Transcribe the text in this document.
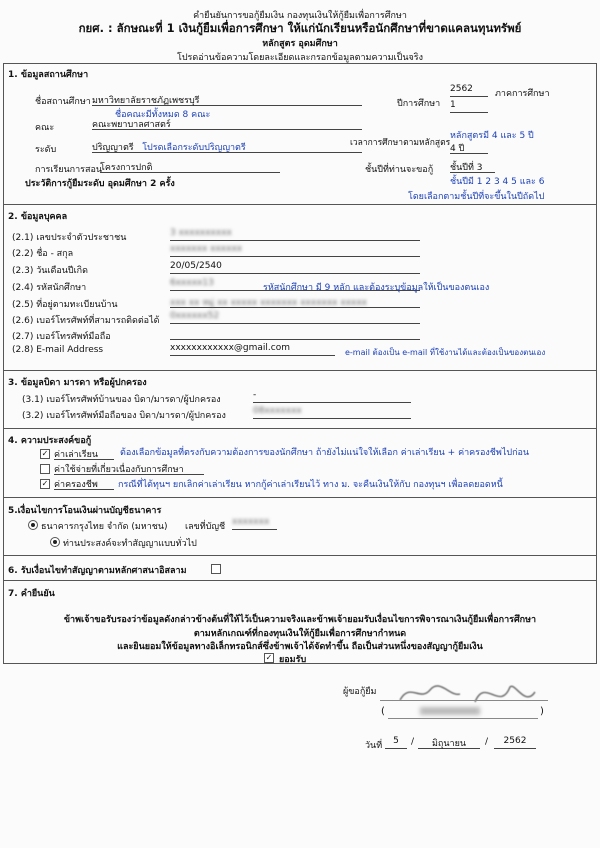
คำยืนยันการขอกู้ยืมเงิน กองทุนเงินให้กู้ยืมเพื่อการศึกษา
กยศ. : ลักษณะที่ 1 เงินกู้ยืมเพื่อการศึกษา ให้แก่นักเรียนหรือนักศึกษาที่ขาดแคลนทุนทรัพย์
หลักสูตร อุดมศึกษา
โปรดอ่านข้อความโดยละเอียดและกรอกข้อมูลตามความเป็นจริง
1. ข้อมูลสถานศึกษา
ชื่อสถานศึกษา มหาวิทยาลัยราชภัฏเพชรบุรี	ปีการศึกษา
2562	ภาคการศึกษา
1
ชื่อคณะมีทั้งหมด 8 คณะ
คณะ	คณะพยาบาลศาสตร์
ระดับ	ปริญญาตรี โปรดเลือกระดับปริญญาตรี	เวลาการศึกษาตามหลักสูตร
หลักสูตรมี 4 และ 5 ปี
4 ปี
การเรียนการสอน
โครงการปกติ	ชั้นปีที่ท่านจะขอกู้ ชั้นปีที่ 3
ประวัติการกู้ยืมระดับ อุดมศึกษา 2 ครั้ง	ชั้นปีมี 1 2 3 4 5 และ 6
โดยเลือกตามชั้นปีที่จะขึ้นในปีถัดไป
2. ข้อมูลบุคคล
(2.1) เลขประจำตัวประชาชน	3 xxxxxxxxxx
(2.2) ชื่อ - สกุล	xxxxxxx xxxxxx
(2.3) วันเดือนปีเกิด	20/05/2540
(2.4) รหัสนักศึกษา	6xxxxx13	รหัสนักศึกษา มี 9 หลัก และต้องระบุข้อมูลให้เป็นของตนเอง
(2.5) ที่อยู่ตามทะเบียนบ้าน	xxx xx หมู่ xx xxxxx xxxxxxx xxxxxxx xxxxx
(2.6) เบอร์โทรศัพท์ที่สามารถติดต่อได้ 0xxxxxx52
(2.7) เบอร์โทรศัพท์มือถือ
(2.8) E-mail Address	xxxxxxxxxxxx@gmail.com	e-mail ต้องเป็น e-mail ที่ใช้งานได้และต้องเป็นของตนเอง
3. ข้อมูลบิดา มารดา หรือผู้ปกครอง
(3.1) เบอร์โทรศัพท์บ้านของ บิดา/มารดา/ผู้ปกครอง	-
(3.2) เบอร์โทรศัพท์มือถือของ บิดา/มารดา/ผู้ปกครอง	08xxxxxxx
4. ความประสงค์ขอกู้
✓ ค่าเล่าเรียน	ต้องเลือกข้อมูลที่ตรงกับความต้องการของนักศึกษา ถ้ายังไม่แน่ใจให้เลือก ค่าเล่าเรียน + ค่าครองชีพไปก่อน
ค่าใช้จ่ายที่เกี่ยวเนื่องกับการศึกษา
✓ ค่าครองชีพ	กรณีที่ได้ทุนฯ ยกเลิกค่าเล่าเรียน หากกู้ค่าเล่าเรียนไว้ ทาง ม. จะคืนเงินให้กับ กองทุนฯ เพื่อลดยอดหนี้
5.เงื่อนไขการโอนเงินผ่านบัญชีธนาคาร
ธนาคารกรุงไทย จำกัด (มหาชน) เลขที่บัญชี xxxxxxx
ท่านประสงค์จะทำสัญญาแบบทั่วไป
6. รับเงื่อนไขทำสัญญาตามหลักศาสนาอิสลาม
7. คำยืนยัน
ข้าพเจ้าขอรับรองว่าข้อมูลดังกล่าวข้างต้นที่ให้ไว้เป็นความจริงและข้าพเจ้ายอมรับเงื่อนไขการพิจารณาเงินกู้ยืมเพื่อการศึกษา
ตามหลักเกณฑ์ที่กองทุนเงินให้กู้ยืมเพื่อการศึกษากำหนด
และยินยอมให้ข้อมูลทางอิเล็กทรอนิกส์ซึ่งข้าพเจ้าได้จัดทำขึ้น ถือเป็นส่วนหนึ่งของสัญญากู้ยืมเงิน
✓ ยอมรับ
ผู้ขอกู้ยืม
(	)
วันที่	5	/	มิถุนายน	/	2562
